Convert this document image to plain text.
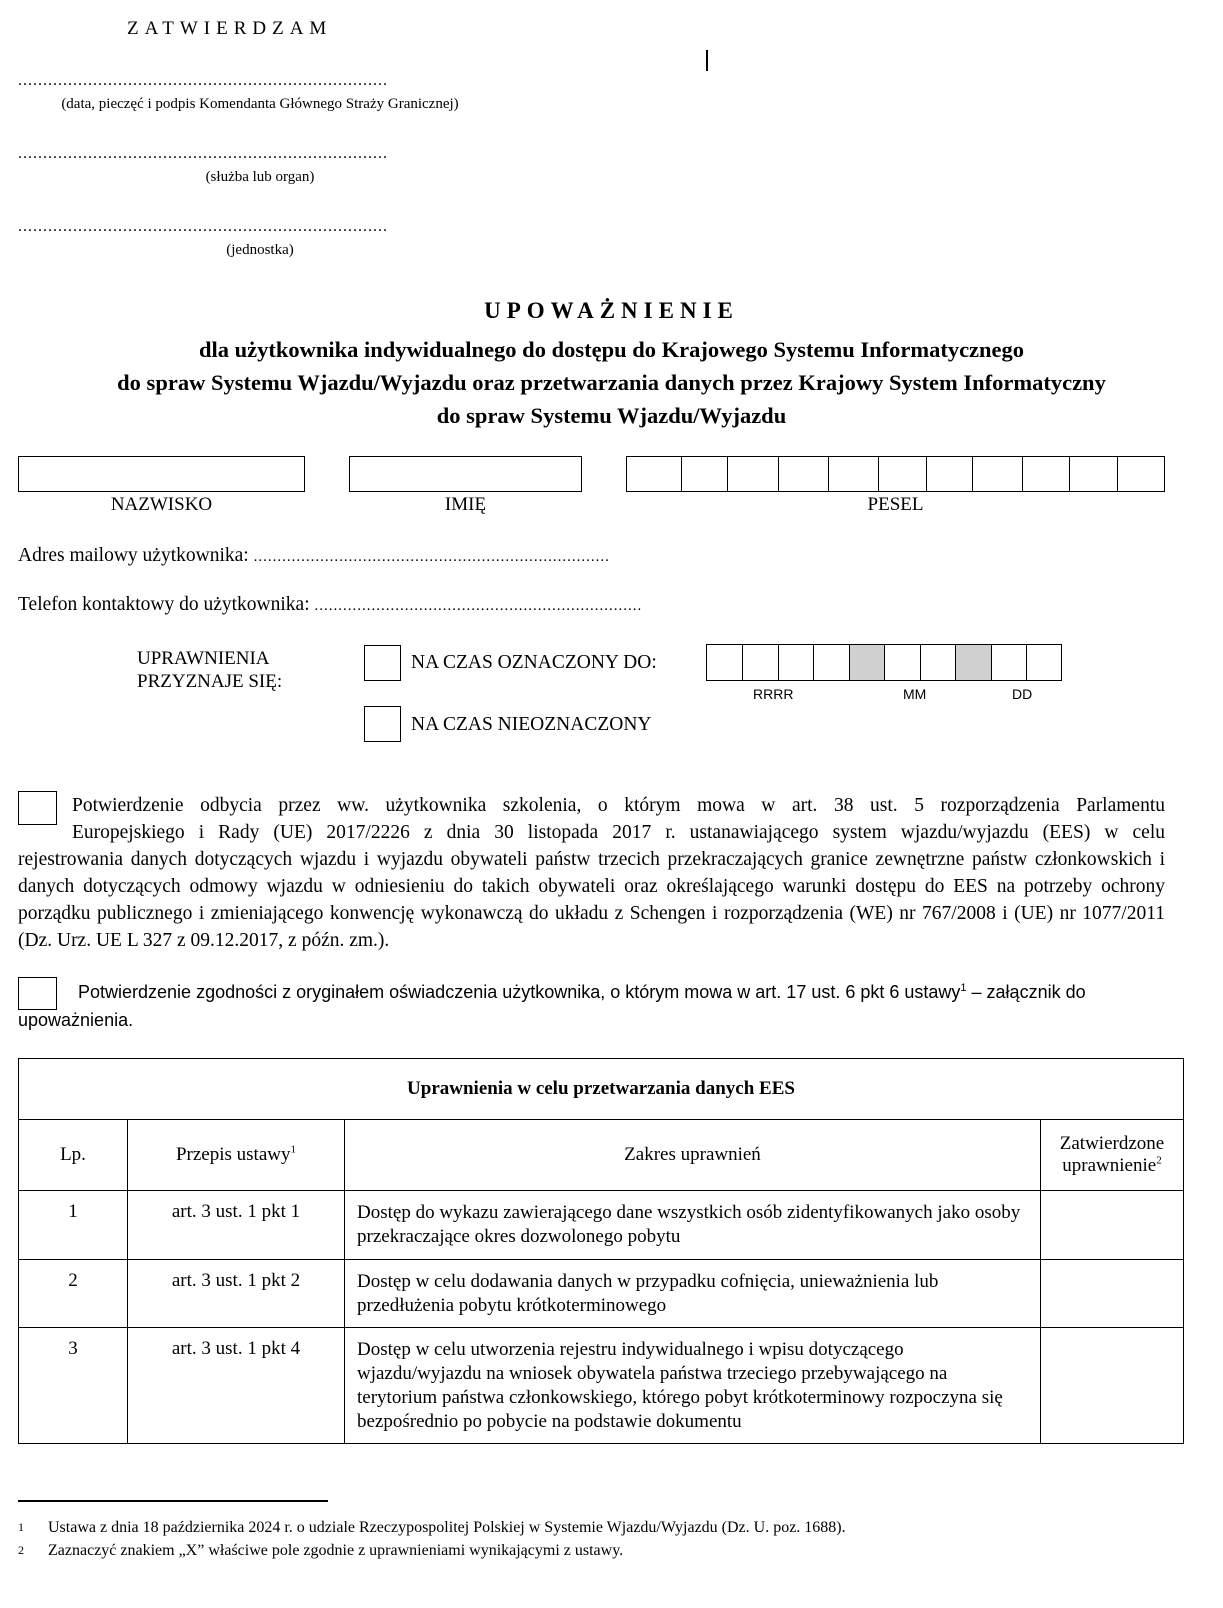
ZATWIERDZAM
..........................................................................
(data, pieczęć i podpis Komendanta Głównego Straży Granicznej)
..........................................................................
(służba lub organ)
..........................................................................
(jednostka)
UPOWAŻNIENIE
dla użytkownika indywidualnego do dostępu do Krajowego Systemu Informatycznego
do spraw Systemu Wjazdu/Wyjazdu oraz przetwarzania danych przez Krajowy System Informatyczny
do spraw Systemu Wjazdu/Wyjazdu
NAZWISKO	IMIĘ	PESEL
Adres mailowy użytkownika: ...........................................................................
Telefon kontaktowy do użytkownika: .....................................................................
UPRAWNIENIA
PRZYZNAJE SIĘ:
NA CZAS OZNACZONY DO:
RRRR	MM	DD
NA CZAS NIEOZNACZONY
Potwierdzenie odbycia przez ww. użytkownika szkolenia, o którym mowa w art. 38 ust. 5 rozporządzenia Parlamentu
Europejskiego i Rady (UE) 2017/2226 z dnia 30 listopada 2017 r. ustanawiającego system wjazdu/wyjazdu (EES) w celu
rejestrowania danych dotyczących wjazdu i wyjazdu obywateli państw trzecich przekraczających granice zewnętrzne państw członkowskich i danych dotyczących odmowy wjazdu w odniesieniu do takich obywateli oraz określającego warunki dostępu do EES na potrzeby ochrony porządku publicznego i zmieniającego konwencję wykonawczą do układu z Schengen i rozporządzenia (WE) nr 767/2008 i (UE) nr 1077/2011 (Dz. Urz. UE L 327 z 09.12.2017, z późn. zm.).
Potwierdzenie zgodności z oryginałem oświadczenia użytkownika, o którym mowa w art. 17 ust. 6 pkt 6 ustawy$^1$ – załącznik do upoważnienia.
Uprawnienia w celu przetwarzania danych EES			
Lp.	Przepis ustawy$^1$	Zakres uprawnień	Zatwierdzone uprawnienie$^2$
1	art. 3 ust. 1 pkt 1	Dostęp do wykazu zawierającego dane wszystkich osób zidentyfikowanych jako osoby przekraczające okres dozwolonego pobytu	
2	art. 3 ust. 1 pkt 2	Dostęp w celu dodawania danych w przypadku cofnięcia, unieważnienia lub przedłużenia pobytu krótkoterminowego	
3	art. 3 ust. 1 pkt 4	Dostęp w celu utworzenia rejestru indywidualnego i wpisu dotyczącego wjazdu/wyjazdu na wniosek obywatela państwa trzeciego przebywającego na terytorium państwa członkowskiego, którego pobyt krótkoterminowy rozpoczyna się bezpośrednio po pobycie na podstawie dokumentu	
1	Ustawa z dnia 18 października 2024 r. o udziale Rzeczypospolitej Polskiej w Systemie Wjazdu/Wyjazdu (Dz. U. poz. 1688).
2	Zaznaczyć znakiem „X” właściwe pole zgodnie z uprawnieniami wynikającymi z ustawy.
